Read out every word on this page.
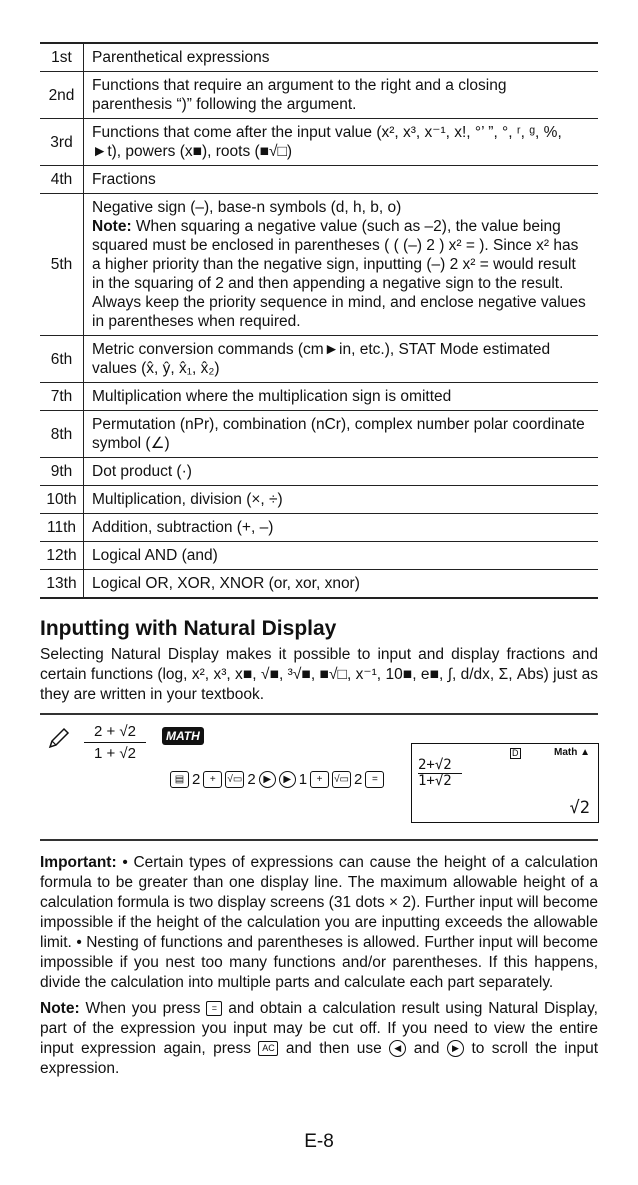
1st	Parenthetical expressions
2nd	Functions that require an argument to the right and a closing parenthesis “)” following the argument.
3rd	Functions that come after the input value (x², x³, x⁻¹, x!, °’ ”, °, ʳ, ᵍ, %, ►t), powers (x■), roots (■√□)
4th	Fractions
5th	Negative sign (–), base-n symbols (d, h, b, o)
Note: When squaring a negative value (such as –2), the value being squared must be enclosed in parentheses ( ( (–) 2 ) x² = ). Since x² has a higher priority than the negative sign, inputting (–) 2 x² = would result in the squaring of 2 and then appending a negative sign to the result. Always keep the priority sequence in mind, and enclose negative values in parentheses when required.
6th	Metric conversion commands (cm►in, etc.), STAT Mode estimated values (x̂, ŷ, x̂₁, x̂₂)
7th	Multiplication where the multiplication sign is omitted
8th	Permutation (nPr), combination (nCr), complex number polar coordinate symbol (∠)
9th	Dot product (·)
10th	Multiplication, division (×, ÷)
11th	Addition, subtraction (+, –)
12th	Logical AND (and)
13th	Logical OR, XOR, XNOR (or, xor, xnor)
Inputting with Natural Display

Selecting Natural Display makes it possible to input and display fractions and certain functions (log, x², x³, x■, √■, ³√■, ■√□, x⁻¹, 10■, e■, ∫, d/dx, Σ, Abs) just as they are written in your textbook.

2 + √2
1 + √2
MATH
▤ 2 +	√▭ 2 ▶	▶ 1 +	√▭ 2 =
D	Math ▲
2+√2
1+√2
√2

Important: • Certain types of expressions can cause the height of a calculation formula to be greater than one display line. The maximum allowable height of a calculation formula is two display screens (31 dots × 2). Further input will become impossible if the height of the calculation you are inputting exceeds the allowable limit. • Nesting of functions and parentheses is allowed. Further input will become impossible if you nest too many functions and/or parentheses. If this happens, divide the calculation into multiple parts and calculate each part separately.

Note: When you press = and obtain a calculation result using Natural Display, part of the expression you input may be cut off. If you need to view the entire input expression again, press AC and then use ◀ and ▶ to scroll the input expression.

E-8
